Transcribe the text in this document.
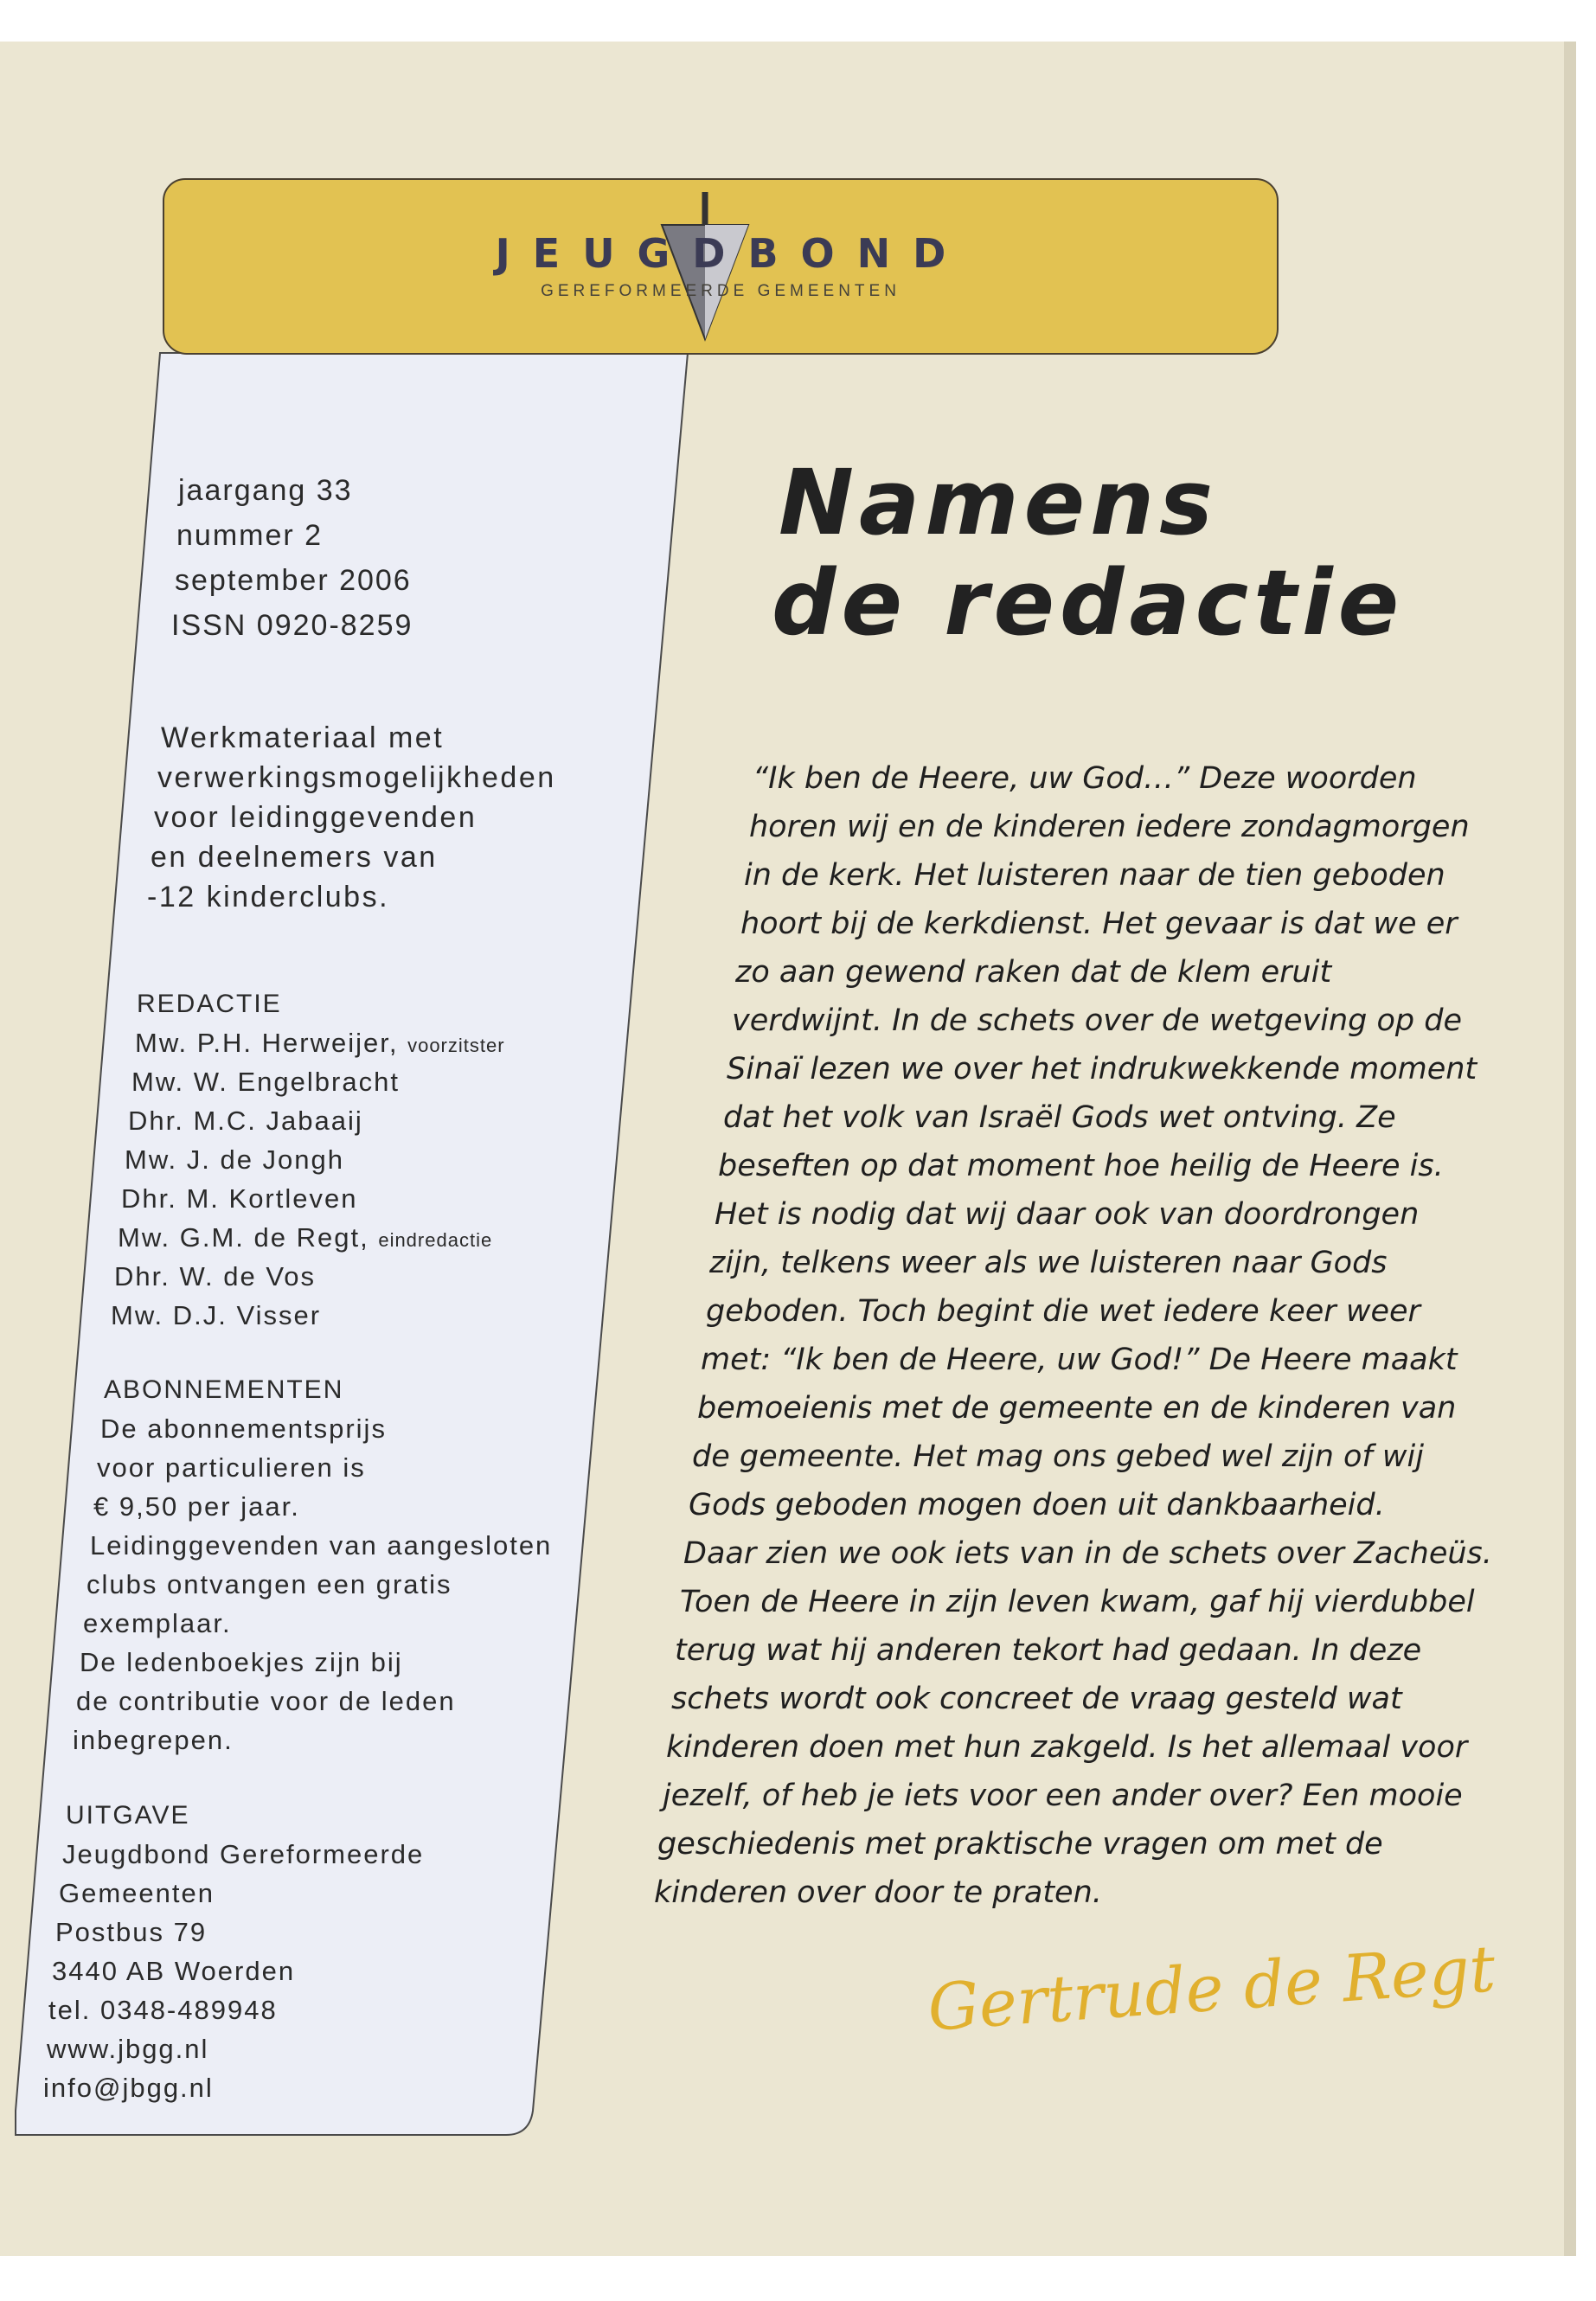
JEUGDBOND
GEREFORMEERDE GEMEENTEN
jaargang 33
nummer 2
september 2006
ISSN 0920-8259
Werkmateriaal met
verwerkingsmogelijkheden
voor leidinggevenden
en deelnemers van
-12 kinderclubs.
REDACTIE
Mw. P.H. Herweijer, voorzitster
Mw. W. Engelbracht
Dhr. M.C. Jabaaij
Mw. J. de Jongh
Dhr. M. Kortleven
Mw. G.M. de Regt, eindredactie
Dhr. W. de Vos
Mw. D.J. Visser
ABONNEMENTEN
De abonnementsprijs
voor particulieren is
€ 9,50 per jaar.
Leidinggevenden van aangesloten
clubs ontvangen een gratis
exemplaar.
De ledenboekjes zijn bij
de contributie voor de leden
inbegrepen.
UITGAVE
Jeugdbond Gereformeerde
Gemeenten
Postbus 79
3440 AB Woerden
tel. 0348-489948
www.jbgg.nl
info@jbgg.nl
Namens
de redactie
“Ik ben de Heere, uw God…” Deze woorden
horen wij en de kinderen iedere zondagmorgen
in de kerk. Het luisteren naar de tien geboden
hoort bij de kerkdienst. Het gevaar is dat we er
zo aan gewend raken dat de klem eruit
verdwijnt. In de schets over de wetgeving op de
Sinaï lezen we over het indrukwekkende moment
dat het volk van Israël Gods wet ontving. Ze
beseften op dat moment hoe heilig de Heere is.
Het is nodig dat wij daar ook van doordrongen
zijn, telkens weer als we luisteren naar Gods
geboden. Toch begint die wet iedere keer weer
met: “Ik ben de Heere, uw God!” De Heere maakt
bemoeienis met de gemeente en de kinderen van
de gemeente. Het mag ons gebed wel zijn of wij
Gods geboden mogen doen uit dankbaarheid.
Daar zien we ook iets van in de schets over Zacheüs.
Toen de Heere in zijn leven kwam, gaf hij vierdubbel
terug wat hij anderen tekort had gedaan. In deze
schets wordt ook concreet de vraag gesteld wat
kinderen doen met hun zakgeld. Is het allemaal voor
jezelf, of heb je iets voor een ander over? Een mooie
geschiedenis met praktische vragen om met de
kinderen over door te praten.
Gertrude de Regt
